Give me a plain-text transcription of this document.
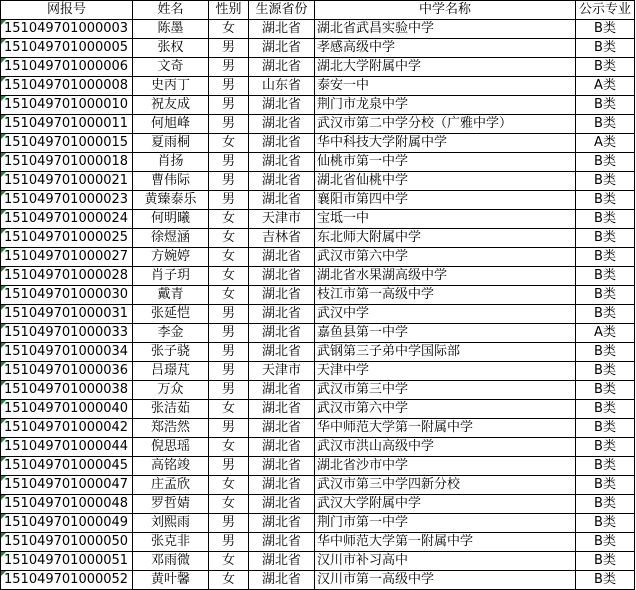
网报号	姓名	性别	生源省份	中学名称	公示专业
151049701000003	陈墨	女	湖北省	湖北省武昌实验中学	B类
151049701000005	张权	男	湖北省	孝感高级中学	B类
151049701000006	文奇	男	湖北省	湖北大学附属中学	B类
151049701000008	史丙丁	男	山东省	泰安一中	A类
151049701000010	祝友成	男	湖北省	荆门市龙泉中学	B类
151049701000011	何旭峰	男	湖北省	武汉市第二中学分校（广雅中学）	B类
151049701000015	夏雨桐	女	湖北省	华中科技大学附属中学	A类
151049701000018	肖扬	男	湖北省	仙桃市第一中学	B类
151049701000021	曹伟际	男	湖北省	湖北省仙桃中学	B类
151049701000023	黄臻泰乐	男	湖北省	襄阳市第四中学	B类
151049701000024	何明曦	女	天津市	宝坻一中	B类
151049701000025	徐煜涵	女	吉林省	东北师大附属中学	B类
151049701000027	方婉婷	女	湖北省	武汉市第六中学	B类
151049701000028	肖子玥	女	湖北省	湖北省水果湖高级中学	B类
151049701000030	戴青	女	湖北省	枝江市第一高级中学	B类
151049701000031	张延恺	男	湖北省	武汉中学	B类
151049701000033	李金	男	湖北省	嘉鱼县第一中学	A类
151049701000034	张子骁	男	湖北省	武钢第三子弟中学国际部	B类
151049701000036	吕璟芃	男	天津市	天津中学	B类
151049701000038	万众	男	湖北省	武汉市第三中学	B类
151049701000040	张洁茹	女	湖北省	武汉市第六中学	B类
151049701000042	郑浩然	男	湖北省	华中师范大学第一附属中学	B类
151049701000044	倪思瑶	女	湖北省	武汉市洪山高级中学	B类
151049701000045	高铭竣	男	湖北省	湖北省沙市中学	B类
151049701000047	庄孟欣	女	湖北省	武汉市第三中学四新分校	B类
151049701000048	罗哲婧	女	湖北省	武汉大学附属中学	B类
151049701000049	刘熙雨	男	湖北省	荆门市第一中学	B类
151049701000050	张克非	男	湖北省	华中师范大学第一附属中学	B类
151049701000051	邓雨微	女	湖北省	汉川市补习高中	B类
151049701000052	黄叶馨	女	湖北省	汉川市第一高级中学	B类
